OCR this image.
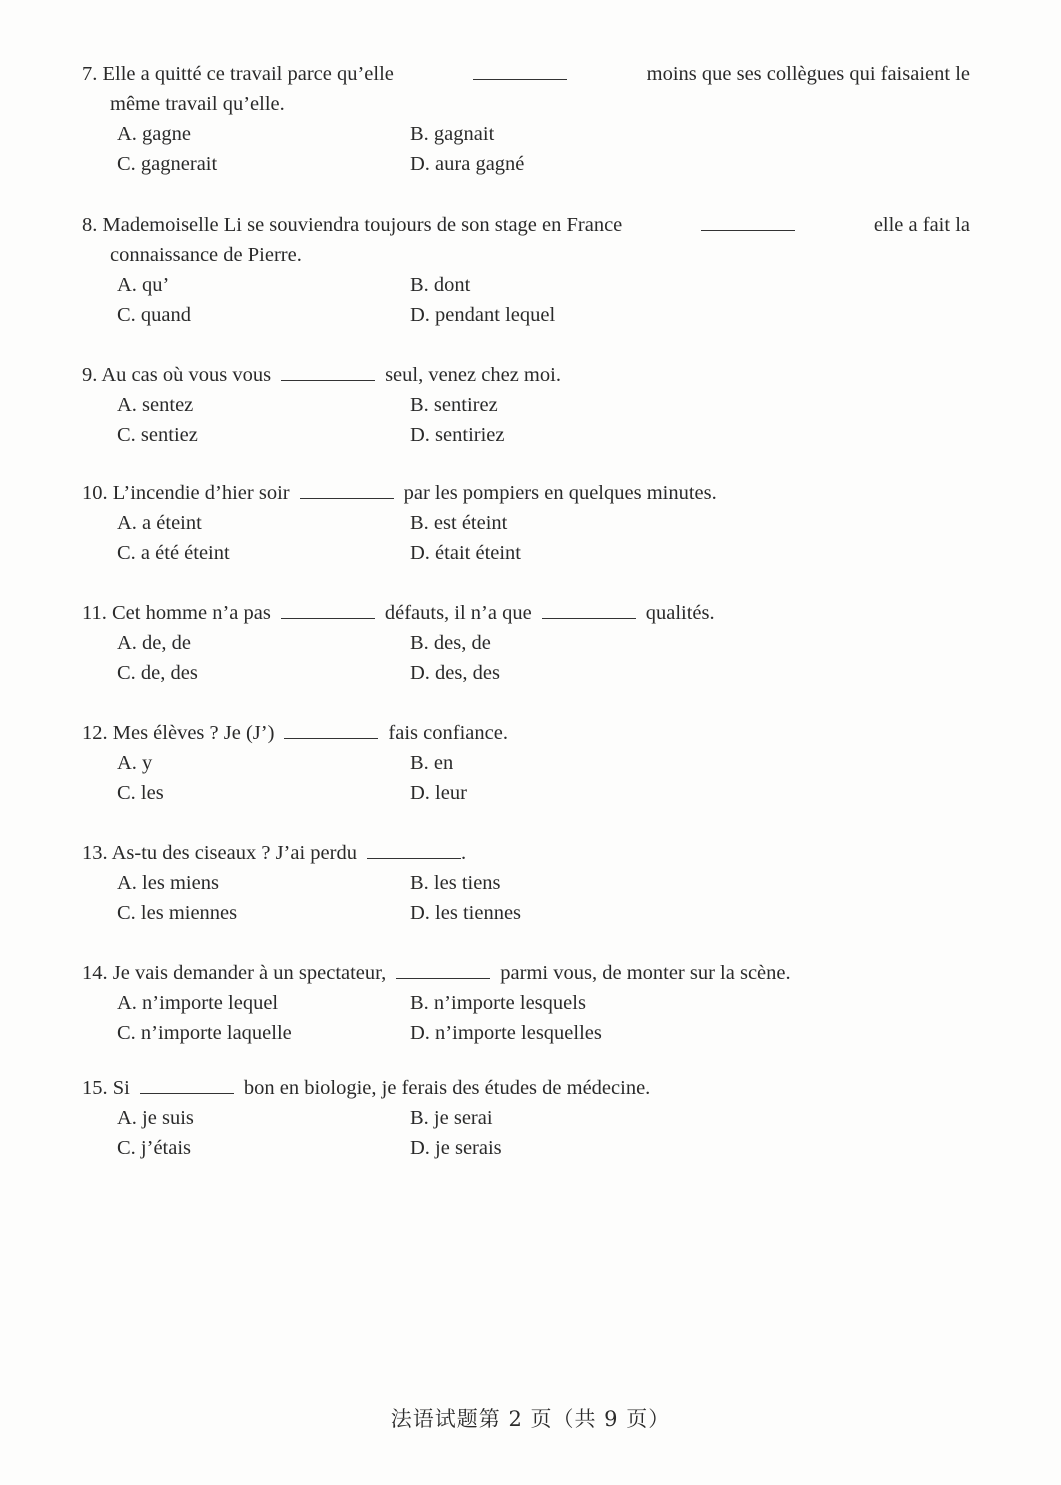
7. Elle a quitté ce travail parce qu’elle	moins que ses collègues qui faisaient le
même travail qu’elle.
A. gagne	B. gagnait
C. gagnerait	D. aura gagné
8. Mademoiselle Li se souviendra toujours de son stage en France	elle a fait la
connaissance de Pierre.
A. qu’	B. dont
C. quand	D. pendant lequel
9. Au cas où vous vous	seul, venez chez moi.
A. sentez	B. sentirez
C. sentiez	D. sentiriez
10. L’incendie d’hier soir	par les pompiers en quelques minutes.
A. a éteint	B. est éteint
C. a été éteint	D. était éteint
11. Cet homme n’a pas	défauts, il n’a que	qualités.
A. de, de	B. des, de
C. de, des	D. des, des
12. Mes élèves ? Je (J’)	fais confiance.
A. y	B. en
C. les	D. leur
13. As-tu des ciseaux ? J’ai perdu	.
A. les miens	B. les tiens
C. les miennes	D. les tiennes
14. Je vais demander à un spectateur,	parmi vous, de monter sur la scène.
A. n’importe lequel	B. n’importe lesquels
C. n’importe laquelle	D. n’importe lesquelles
15. Si	bon en biologie, je ferais des études de médecine.
A. je suis	B. je serai
C. j’étais	D. je serais
法语试题第 2 页（共 9 页）
